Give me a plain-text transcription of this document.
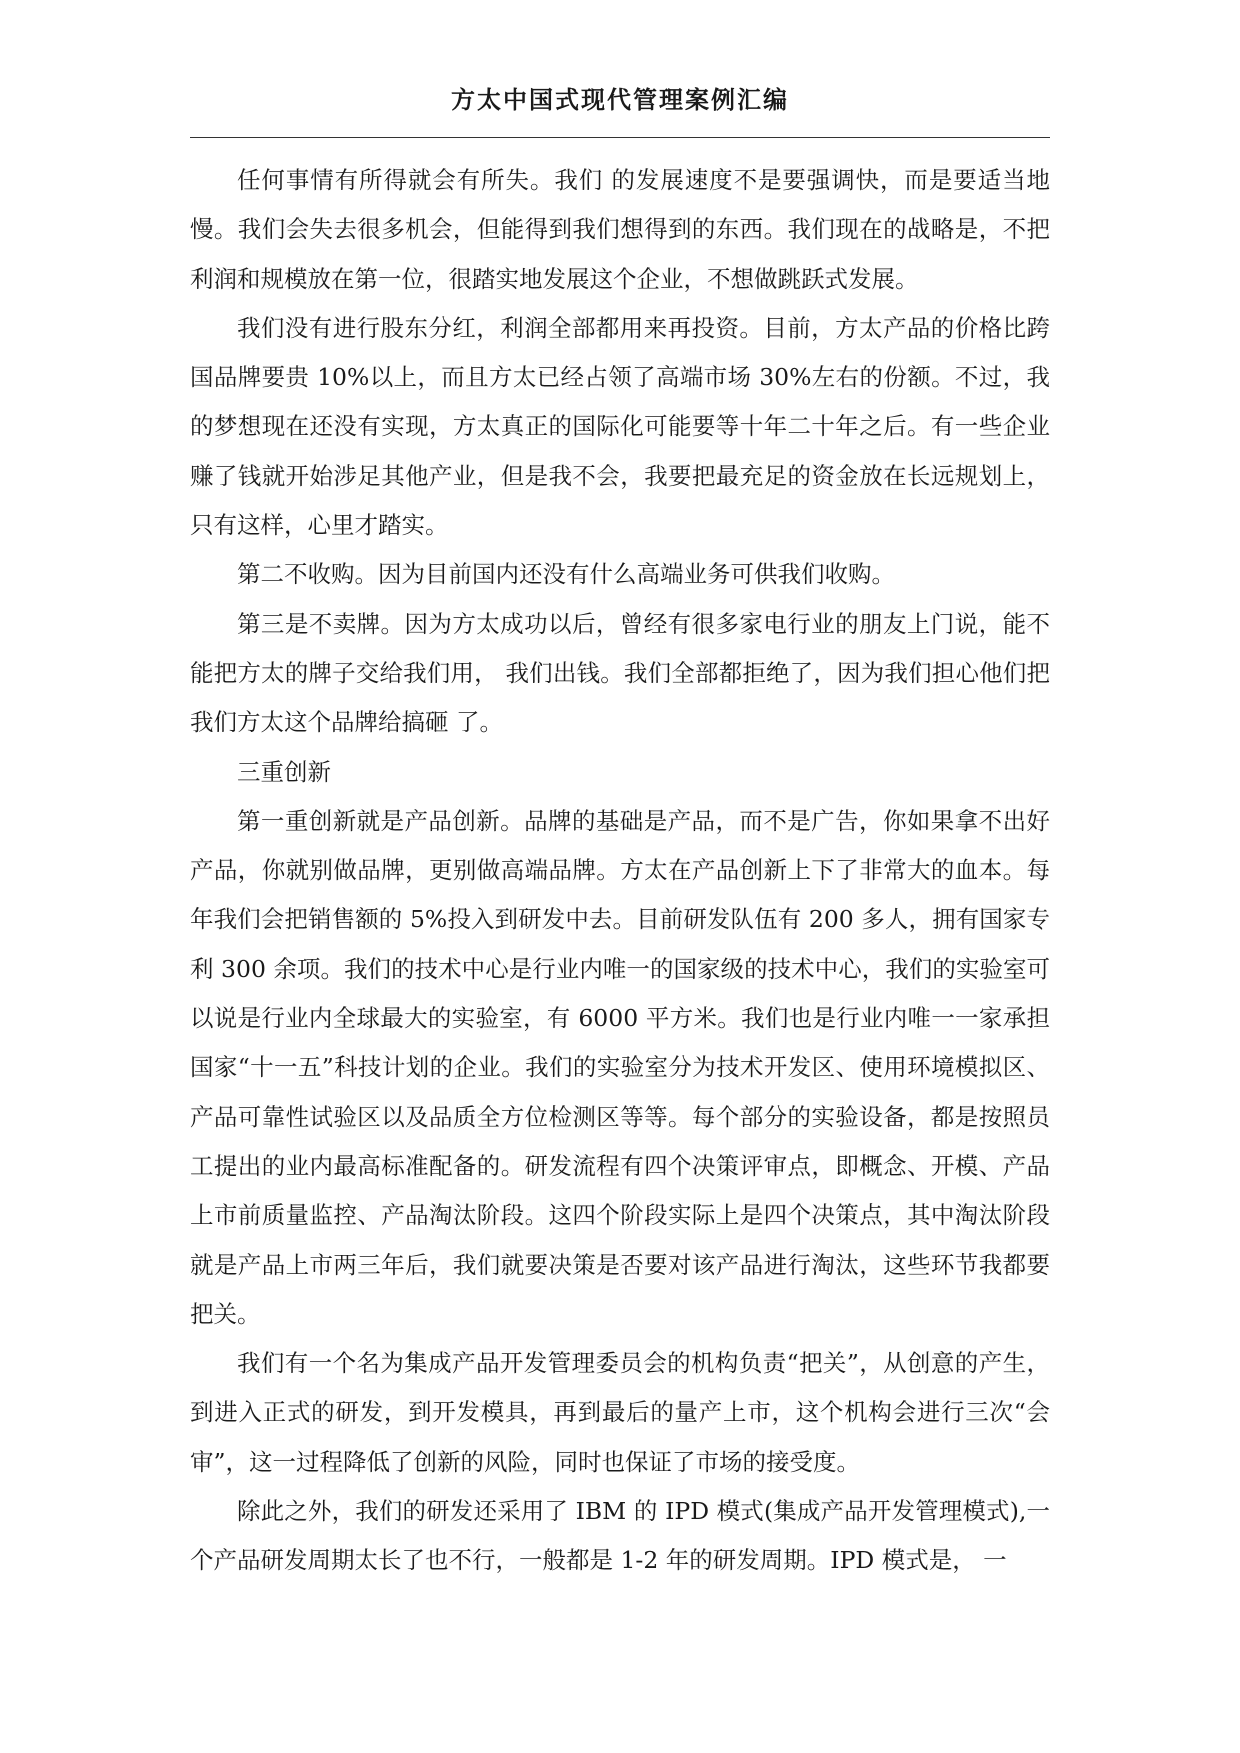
方太中国式现代管理案例汇编

任何事情有所得就会有所失。我们 的发展速度不是要强调快，而是要适当地慢。我们会失去很多机会，但能得到我们想得到的东西。我们现在的战略是，不把利润和规模放在第一位，很踏实地发展这个企业，不想做跳跃式发展。

我们没有进行股东分红，利润全部都用来再投资。目前，方太产品的价格比跨国品牌要贵 10%以上，而且方太已经占领了高端市场 30%左右的份额。不过，我的梦想现在还没有实现，方太真正的国际化可能要等十年二十年之后。有一些企业赚了钱就开始涉足其他产业，但是我不会，我要把最充足的资金放在长远规划上，只有这样，心里才踏实。

第二不收购。因为目前国内还没有什么高端业务可供我们收购。

第三是不卖牌。因为方太成功以后，曾经有很多家电行业的朋友上门说，能不能把方太的牌子交给我们用， 我们出钱。我们全部都拒绝了，因为我们担心他们把我们方太这个品牌给搞砸 了。

三重创新

第一重创新就是产品创新。品牌的基础是产品，而不是广告，你如果拿不出好产品，你就别做品牌，更别做高端品牌。方太在产品创新上下了非常大的血本。每年我们会把销售额的 5%投入到研发中去。目前研发队伍有 200 多人，拥有国家专利 300 余项。我们的技术中心是行业内唯一的国家级的技术中心，我们的实验室可以说是行业内全球最大的实验室，有 6000 平方米。我们也是行业内唯一一家承担国家“十一五”科技计划的企业。我们的实验室分为技术开发区、使用环境模拟区、产品可靠性试验区以及品质全方位检测区等等。每个部分的实验设备，都是按照员工提出的业内最高标准配备的。研发流程有四个决策评审点，即概念、开模、产品上市前质量监控、产品淘汰阶段。这四个阶段实际上是四个决策点，其中淘汰阶段就是产品上市两三年后，我们就要决策是否要对该产品进行淘汰，这些环节我都要把关。

我们有一个名为集成产品开发管理委员会的机构负责“把关”，从创意的产生，到进入正式的研发，到开发模具，再到最后的量产上市，这个机构会进行三次“会审”，这一过程降低了创新的风险，同时也保证了市场的接受度。

除此之外，我们的研发还采用了 IBM 的 IPD 模式(集成产品开发管理模式),一个产品研发周期太长了也不行，一般都是 1-2 年的研发周期。IPD 模式是， 一
